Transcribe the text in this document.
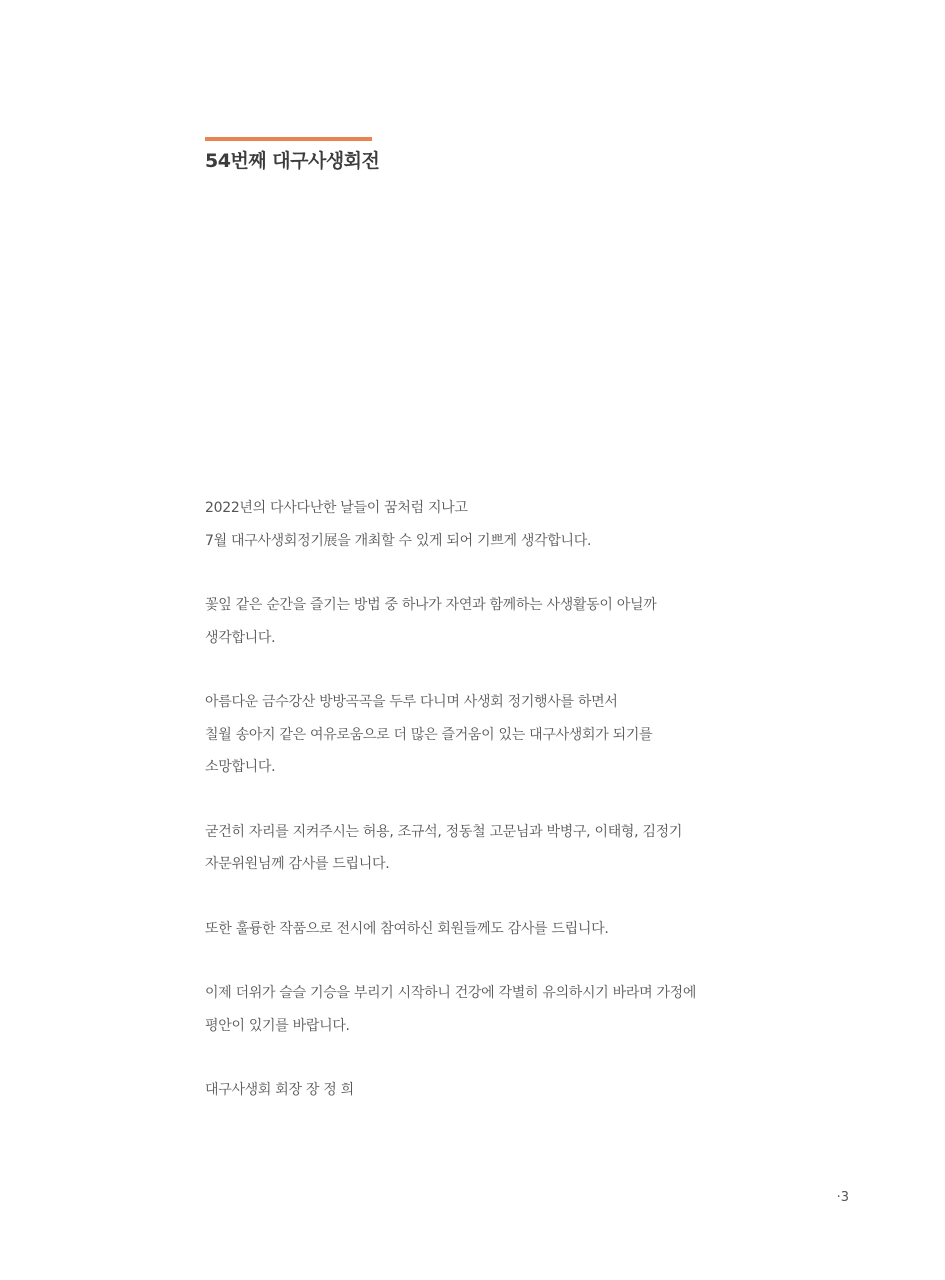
54번째 대구사생회전
2022년의 다사다난한 날들이 꿈처럼 지나고
7월 대구사생회정기展을 개최할 수 있게 되어 기쁘게 생각합니다.
꽃잎 같은 순간을 즐기는 방법 중 하나가 자연과 함께하는 사생활동이 아닐까
생각합니다.
아름다운 금수강산 방방곡곡을 두루 다니며 사생회 정기행사를 하면서
칠월 송아지 같은 여유로움으로 더 많은 즐거움이 있는 대구사생회가 되기를
소망합니다.
굳건히 자리를 지켜주시는 허용, 조규석, 정동철 고문님과 박병구, 이태형, 김정기
자문위원님께 감사를 드립니다.
또한 훌륭한 작품으로 전시에 참여하신 회원들께도 감사를 드립니다.
이제 더위가 슬슬 기승을 부리기 시작하니 건강에 각별히 유의하시기 바라며 가정에
평안이 있기를 바랍니다.
대구사생회 회장 장 정 희
·3
